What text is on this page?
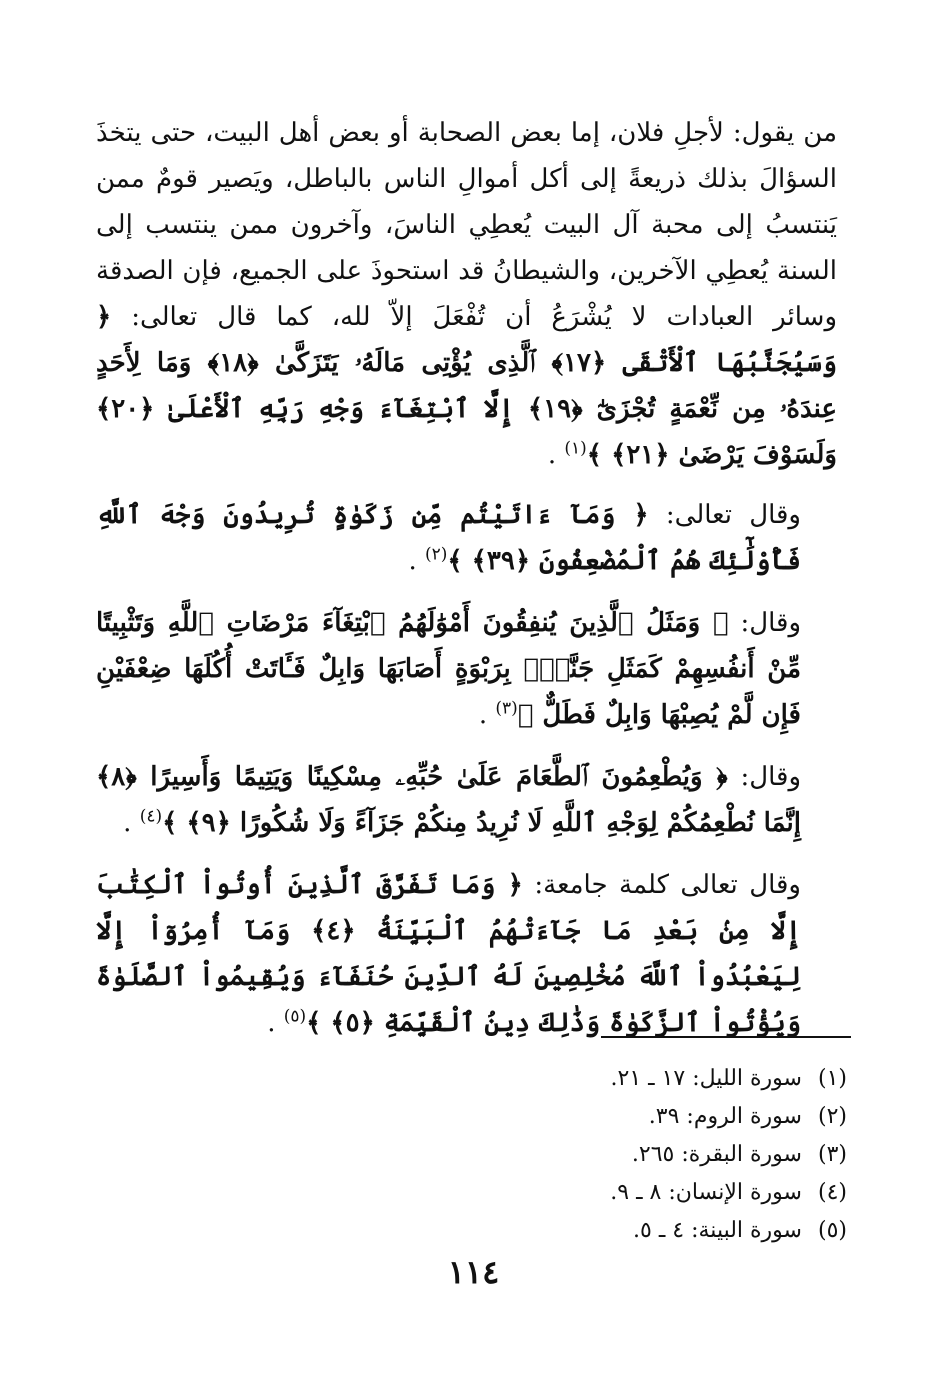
من يقول: لأجلِ فلان، إما بعض الصحابة أو بعض أهل البيت، حتى يتخذَ السؤالَ بذلك ذريعةً إلى أكل أموالِ الناس بالباطل، ويَصير قومٌ ممن يَنتسبُ إلى محبة آل البيت يُعطِي الناسَ، وآخرون ممن ينتسب إلى السنة يُعطِي الآخرين، والشيطانُ قد استحوذَ على الجميع، فإن الصدقة وسائر العبادات لا يُشْرَعُ أن تُفْعَلَ إلاّ لله، كما قال تعالى: ﴿ وَسَيُجَنَّبُهَا ٱلْأَتْقَى ﴿١٧﴾ ٱلَّذِى يُؤْتِى مَالَهُۥ يَتَزَكَّىٰ ﴿١٨﴾ وَمَا لِأَحَدٍ عِندَهُۥ مِن نِّعْمَةٍ تُجْزَىٰٓ ﴿١٩﴾ إِلَّا ٱبْتِغَآءَ وَجْهِ رَبِّهِ ٱلْأَعْلَىٰ ﴿٢٠﴾ وَلَسَوْفَ يَرْضَىٰ ﴿٢١﴾ ﴾$^{(١)}$ .

وقال تعالى: ﴿ وَمَآ ءَاتَيْتُم مِّن زَكَوٰةٍ تُرِيدُونَ وَجْهَ ٱللَّهِ فَأُوْلَٰٓئِكَ هُمُ ٱلْمُضْعِفُونَ ﴿٣٩﴾ ﴾$^{(٢)}$ .

وقال: ﴿ وَمَثَلُ ٱلَّذِينَ يُنفِقُونَ أَمْوَٰلَهُمُ ٱبْتِغَآءَ مَرْضَاتِ ٱللَّهِ وَتَثْبِيتًا مِّنْ أَنفُسِهِمْ كَمَثَلِ جَنَّةٍۭ بِرَبْوَةٍ أَصَابَهَا وَابِلٌ فَـَٔاتَتْ أُكُلَهَا ضِعْفَيْنِ فَإِن لَّمْ يُصِبْهَا وَابِلٌ فَطَلٌّ ﴾$^{(٣)}$ .

وقال: ﴿ وَيُطْعِمُونَ ٱلطَّعَامَ عَلَىٰ حُبِّهِۦ مِسْكِينًا وَيَتِيمًا وَأَسِيرًا ﴿٨﴾ إِنَّمَا نُطْعِمُكُمْ لِوَجْهِ ٱللَّهِ لَا نُرِيدُ مِنكُمْ جَزَآءً وَلَا شُكُورًا ﴿٩﴾ ﴾$^{(٤)}$ .

وقال تعالى كلمة جامعة: ﴿ وَمَا تَفَرَّقَ ٱلَّذِينَ أُوتُواْ ٱلْكِتَٰبَ إِلَّا مِنۢ بَعْدِ مَا جَآءَتْهُمُ ٱلْبَيِّنَةُ ﴿٤﴾ وَمَآ أُمِرُوٓاْ إِلَّا لِيَعْبُدُواْ ٱللَّهَ مُخْلِصِينَ لَهُ ٱلدِّينَ حُنَفَآءَ وَيُقِيمُواْ ٱلصَّلَوٰةَ وَيُؤْتُواْ ٱلزَّكَوٰةَ وَذَٰلِكَ دِينُ ٱلْقَيِّمَةِ ﴿٥﴾ ﴾$^{(٥)}$ .

(١)
سورة الليل: ١٧ ـ ٢١.
(٢)
سورة الروم: ٣٩.
(٣)
سورة البقرة: ٢٦٥.
(٤)
سورة الإنسان: ٨ ـ ٩.
(٥)
سورة البينة: ٤ ـ ٥.
١١٤
